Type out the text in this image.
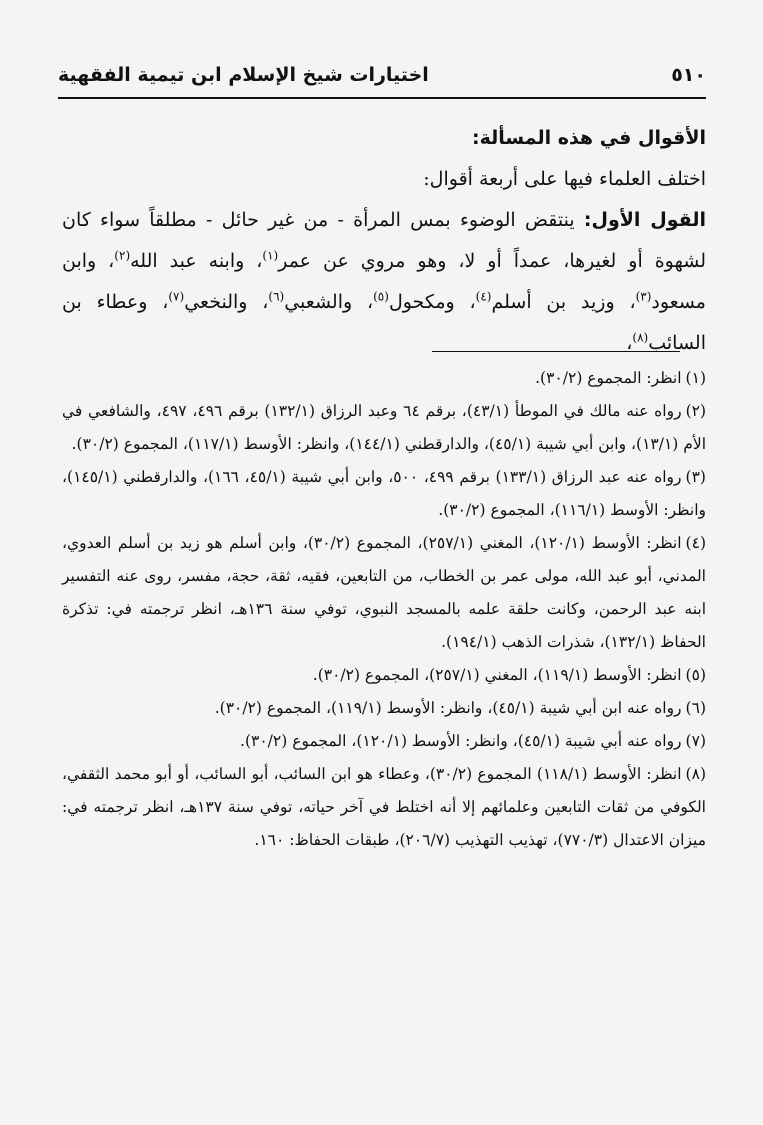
٥١٠
اختيارات شيخ الإسلام ابن تيمية الفقهية
الأقوال في هذه المسألة:
اختلف العلماء فيها على أربعة أقوال:
القول الأول: ينتقض الوضوء بمس المرأة - من غير حائل - مطلقاً سواء كان لشهوة أو لغيرها، عمداً أو لا، وهو مروي عن عمر$^{(١)}$، وابنه عبد الله$^{(٢)}$، وابن مسعود$^{(٣)}$، وزيد بن أسلم$^{(٤)}$، ومكحول$^{(٥)}$، والشعبي$^{(٦)}$، والنخعي$^{(٧)}$، وعطاء بن السائب$^{(٨)}$،

(١)انظر: المجموع (٣٠/٢).

(٢)رواه عنه مالك في الموطأ (٤٣/١)، برقم ٦٤ وعبد الرزاق (١٣٢/١) برقم ٤٩٦، ٤٩٧، والشافعي في الأم (١٣/١)، وابن أبي شيبة (٤٥/١)، والدارقطني (١٤٤/١)، وانظر: الأوسط (١١٧/١)، المجموع (٣٠/٢).

(٣)رواه عنه عبد الرزاق (١٣٣/١) برقم ٤٩٩، ٥٠٠، وابن أبي شيبة (٤٥/١، ١٦٦)، والدارقطني (١٤٥/١)، وانظر: الأوسط (١١٦/١)، المجموع (٣٠/٢).

(٤)انظر: الأوسط (١٢٠/١)، المغني (٢٥٧/١)، المجموع (٣٠/٢)، وابن أسلم هو زيد بن أسلم العدوي، المدني، أبو عبد الله، مولى عمر بن الخطاب، من التابعين، فقيه، ثقة، حجة، مفسر، روى عنه التفسير ابنه عبد الرحمن، وكانت حلقة علمه بالمسجد النبوي، توفي سنة ١٣٦هـ، انظر ترجمته في: تذكرة الحفاظ (١٣٢/١)، شذرات الذهب (١٩٤/١).

(٥)انظر: الأوسط (١١٩/١)، المغني (٢٥٧/١)، المجموع (٣٠/٢).

(٦)رواه عنه ابن أبي شيبة (٤٥/١)، وانظر: الأوسط (١١٩/١)، المجموع (٣٠/٢).

(٧)رواه عنه أبي شيبة (٤٥/١)، وانظر: الأوسط (١٢٠/١)، المجموع (٣٠/٢).

(٨)انظر: الأوسط (١١٨/١) المجموع (٣٠/٢)، وعطاء هو ابن السائب، أبو السائب، أو أبو محمد الثقفي، الكوفي من ثقات التابعين وعلمائهم إلا أنه اختلط في آخر حياته، توفي سنة ١٣٧هـ، انظر ترجمته في: ميزان الاعتدال (٧٧٠/٣)، تهذيب التهذيب (٢٠٦/٧)، طبقات الحفاظ: ١٦٠.
